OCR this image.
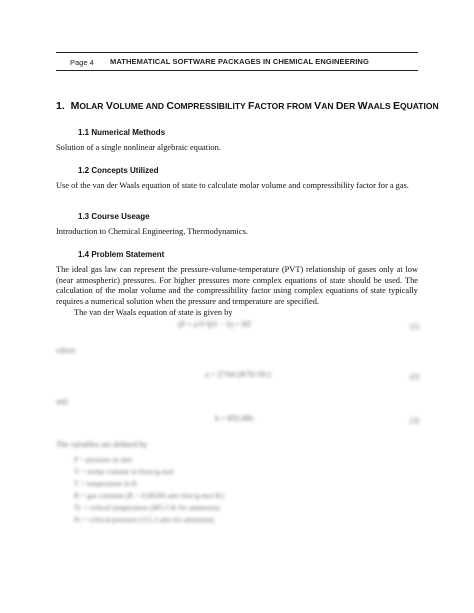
Page 4 MATHEMATICAL SOFTWARE PACKAGES IN CHEMICAL ENGINEERING
1. MOLAR VOLUME AND COMPRESSIBILITY FACTOR FROM VAN DER WAALS EQUATION
1.1 Numerical Methods
Solution of a single nonlinear algebraic equation.
1.2 Concepts Utilized
Use of the van der Waals equation of state to calculate molar volume and compressibility factor for a gas.
1.3 Course Useage
Introduction to Chemical Engineering, Thermodynamics.
1.4 Problem Statement
The ideal gas law can represent the pressure-volume-temperature (PVT) relationship of gases only at low (near atmospheric) pressures. For higher pressures more complex equations of state should be used. The calculation of the molar volume and the compressibility factor using complex equations of state typically requires a numerical solution when the pressure and temperature are specified.
The van der Waals equation of state is given by
(P + a/V²)(V − b) = RT	(1)
where
a = 27/64 (R²Tc²/Pc)	(2)
and
b = RTc/8Pc	(3)
The variables are defined by
P = pressure in atm
V = molar volume in liters/g-mol
T = temperature in K
R = gas constant (R = 0.08206 atm·liter/g-mol·K)
Tc = critical temperature (405.5 K for ammonia)
Pc = critical pressure (111.3 atm for ammonia)
